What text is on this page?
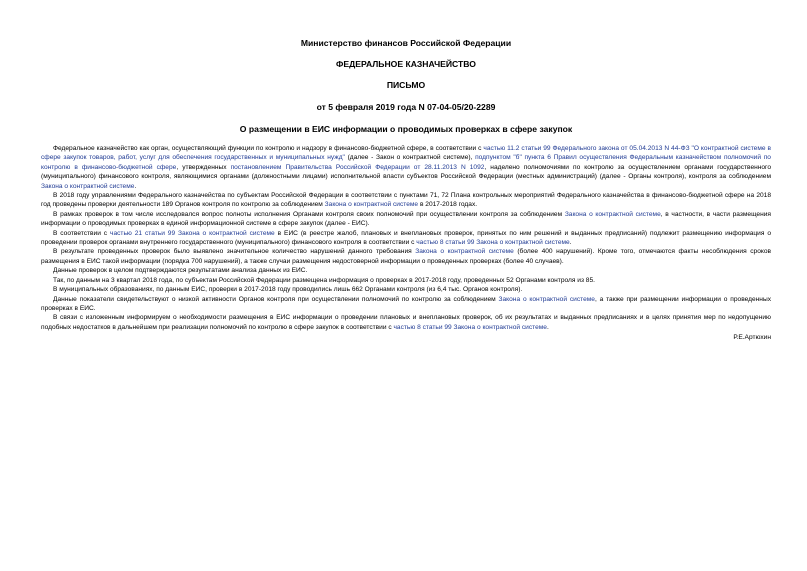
Министерство финансов Российской Федерации
ФЕДЕРАЛЬНОЕ КАЗНАЧЕЙСТВО
ПИСЬМО
от 5 февраля 2019 года N 07-04-05/20-2289
О размещении в ЕИС информации о проводимых проверках в сфере закупок

Федеральное казначейство как орган, осуществляющий функции по контролю и надзору в финансово-бюджетной сфере, в соответствии с частью 11.2 статьи 99 Федерального закона от 05.04.2013 N 44-ФЗ "О контрактной системе в сфере закупок товаров, работ, услуг для обеспечения государственных и муниципальных нужд" (далее - Закон о контрактной системе), подпунктом "б" пункта 6 Правил осуществления Федеральным казначейством полномочий по контролю в финансово-бюджетной сфере, утвержденных постановлением Правительства Российской Федерации от 28.11.2013 N 1092, наделено полномочиями по контролю за осуществлением органами государственного (муниципального) финансового контроля, являющимися органами (должностными лицами) исполнительной власти субъектов Российской Федерации (местных администраций) (далее - Органы контроля), контроля за соблюдением Закона о контрактной системе.

В 2018 году управлениями Федерального казначейства по субъектам Российской Федерации в соответствии с пунктами 71, 72 Плана контрольных мероприятий Федерального казначейства в финансово-бюджетной сфере на 2018 год проведены проверки деятельности 189 Органов контроля по контролю за соблюдением Закона о контрактной системе в 2017-2018 годах.

В рамках проверок в том числе исследовался вопрос полноты исполнения Органами контроля своих полномочий при осуществлении контроля за соблюдением Закона о контрактной системе, в частности, в части размещения информации о проводимых проверках в единой информационной системе в сфере закупок (далее - ЕИС).

В соответствии с частью 21 статьи 99 Закона о контрактной системе в ЕИС (в реестре жалоб, плановых и внеплановых проверок, принятых по ним решений и выданных предписаний) подлежит размещению информация о проведении проверок органами внутреннего государственного (муниципального) финансового контроля в соответствии с частью 8 статьи 99 Закона о контрактной системе.

В результате проведенных проверок было выявлено значительное количество нарушений данного требования Закона о контрактной системе (более 400 нарушений). Кроме того, отмечаются факты несоблюдения сроков размещения в ЕИС такой информации (порядка 700 нарушений), а также случаи размещения недостоверной информации о проведенных проверках (более 40 случаев).

Данные проверок в целом подтверждаются результатами анализа данных из ЕИС.

Так, по данным на 3 квартал 2018 года, по субъектам Российской Федерации размещена информация о проверках в 2017-2018 году, проведенных 52 Органами контроля из 85.

В муниципальных образованиях, по данным ЕИС, проверки в 2017-2018 году проводились лишь 662 Органами контроля (из 6,4 тыс. Органов контроля).

Данные показатели свидетельствуют о низкой активности Органов контроля при осуществлении полномочий по контролю за соблюдением Закона о контрактной системе, а также при размещении информации о проведенных проверках в ЕИС.

В связи с изложенным информируем о необходимости размещения в ЕИС информации о проведении плановых и внеплановых проверок, об их результатах и выданных предписаниях и в целях принятия мер по недопущению подобных недостатков в дальнейшем при реализации полномочий по контролю в сфере закупок в соответствии с частью 8 статьи 99 Закона о контрактной системе.

Р.Е.Артюхин
